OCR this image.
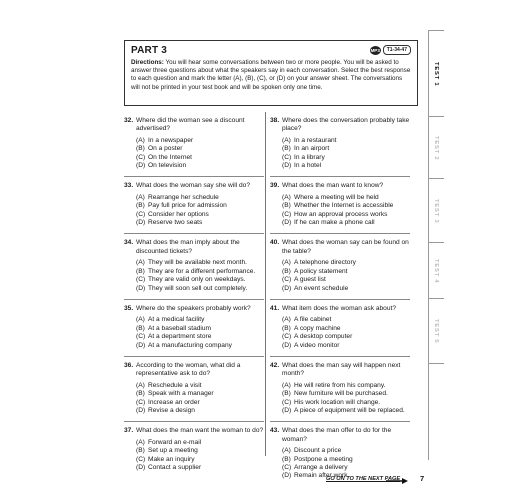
PART 3	MP3	T1-34-47
Directions: You will hear some conversations between two or more people. You will be asked to answer three questions about what the speakers say in each conversation. Select the best response to each question and mark the letter (A), (B), (C), or (D) on your answer sheet. The conversations will not be printed in your test book and will be spoken only one time.
32. Where did the woman see a discount advertised?
(A) In a newspaper
(B) On a poster
(C) On the Internet
(D) On television
33. What does the woman say she will do?
(A) Rearrange her schedule
(B) Pay full price for admission
(C) Consider her options
(D) Reserve two seats
34. What does the man imply about the discounted tickets?
(A) They will be available next month.
(B) They are for a different performance.
(C) They are valid only on weekdays.
(D) They will soon sell out completely.
35. Where do the speakers probably work?
(A) At a medical facility
(B) At a baseball stadium
(C) At a department store
(D) At a manufacturing company
36. According to the woman, what did a representative ask to do?
(A) Reschedule a visit
(B) Speak with a manager
(C) Increase an order
(D) Revise a design
37. What does the man want the woman to do?
(A) Forward an e-mail
(B) Set up a meeting
(C) Make an inquiry
(D) Contact a supplier
38. Where does the conversation probably take place?
(A) In a restaurant
(B) In an airport
(C) In a library
(D) In a hotel
39. What does the man want to know?
(A) Where a meeting will be held
(B) Whether the Internet is accessible
(C) How an approval process works
(D) If he can make a phone call
40. What does the woman say can be found on the table?
(A) A telephone directory
(B) A policy statement
(C) A guest list
(D) An event schedule
41. What item does the woman ask about?
(A) A file cabinet
(B) A copy machine
(C) A desktop computer
(D) A video monitor
42. What does the man say will happen next month?
(A) He will retire from his company.
(B) New furniture will be purchased.
(C) His work location will change.
(D) A piece of equipment will be replaced.
43. What does the man offer to do for the woman?
(A) Discount a price
(B) Postpone a meeting
(C) Arrange a delivery
(D) Remain after work
TEST 1
TEST 2
TEST 3
TEST 4
TEST 5
GO ON TO THE NEXT PAGE	7
